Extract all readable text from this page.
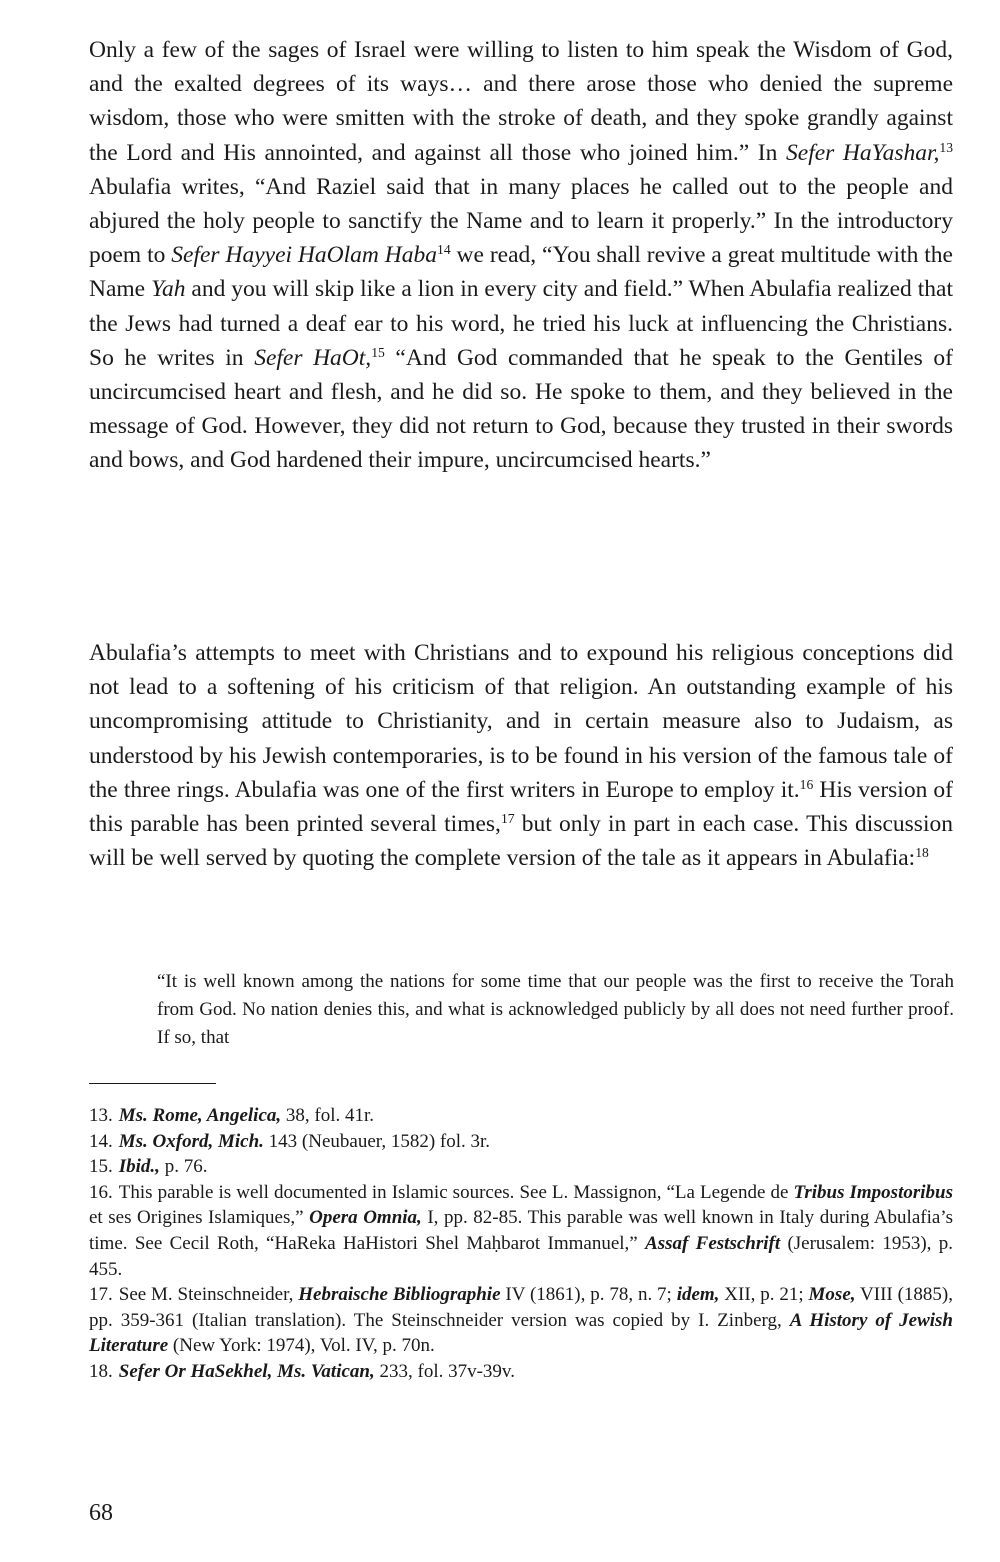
Only a few of the sages of Israel were willing to listen to him speak the Wisdom of God, and the exalted degrees of its ways… and there arose those who denied the supreme wisdom, those who were smitten with the stroke of death, and they spoke grandly against the Lord and His annointed, and against all those who joined him.” In Sefer HaYashar,$^{13}$ Abulafia writes, “And Raziel said that in many places he called out to the people and abjured the holy people to sanctify the Name and to learn it properly.” In the introductory poem to Sefer Hayyei HaOlam Haba$^{14}$ we read, “You shall revive a great multitude with the Name Yah and you will skip like a lion in every city and field.” When Abulafia realized that the Jews had turned a deaf ear to his word, he tried his luck at influencing the Christians. So he writes in Sefer HaOt,$^{15}$ “And God commanded that he speak to the Gentiles of uncircumcised heart and flesh, and he did so. He spoke to them, and they believed in the message of God. However, they did not return to God, because they trusted in their swords and bows, and God hardened their impure, uncircumcised hearts.”

Abulafia’s attempts to meet with Christians and to expound his religious conceptions did not lead to a softening of his criticism of that religion. An outstanding example of his uncompromising attitude to Christianity, and in certain measure also to Judaism, as understood by his Jewish contemporaries, is to be found in his version of the famous tale of the three rings. Abulafia was one of the first writers in Europe to employ it.$^{16}$ His version of this parable has been printed several times,$^{17}$ but only in part in each case. This discussion will be well served by quoting the complete version of the tale as it appears in Abulafia:$^{18}$

“It is well known among the nations for some time that our people was the first to receive the Torah from God. No nation denies this, and what is acknowledged publicly by all does not need further proof. If so, that

13. Ms. Rome, Angelica, 38, fol. 41r.
14. Ms. Oxford, Mich. 143 (Neubauer, 1582) fol. 3r.
15. Ibid., p. 76.
16. This parable is well documented in Islamic sources. See L. Massignon, “La Legende de Tribus Impostoribus et ses Origines Islamiques,” Opera Omnia, I, pp. 82-85. This parable was well known in Italy during Abulafia’s time. See Cecil Roth, “HaReka HaHistori Shel Maḥbarot Immanuel,” Assaf Festschrift (Jerusalem: 1953), p. 455.
17. See M. Steinschneider, Hebraische Bibliographie IV (1861), p. 78, n. 7; idem, XII, p. 21; Mose, VIII (1885), pp. 359-361 (Italian translation). The Steinschneider version was copied by I. Zinberg, A History of Jewish Literature (New York: 1974), Vol. IV, p. 70n.
18. Sefer Or HaSekhel, Ms. Vatican, 233, fol. 37v-39v.
68
